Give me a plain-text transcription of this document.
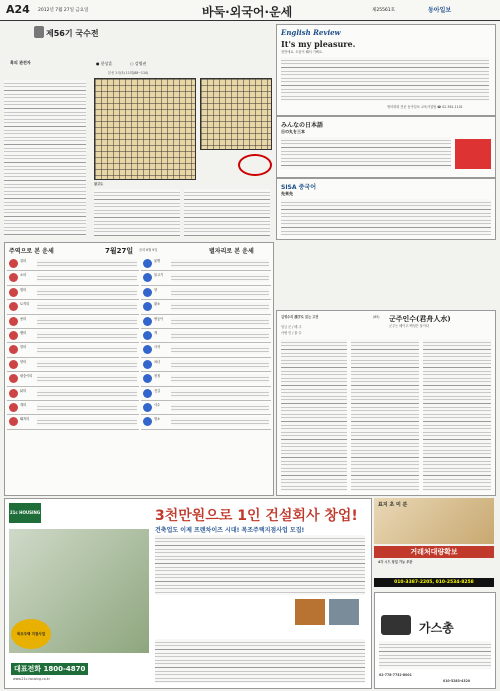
A24 2012년 7월 27일 금요일	바둑·외국어·운세	제25561호	동아일보
제56기 국수전
흑의 관전자	● 한상훈	○ 강병권
본선 1국(5) 11회(88~110)
참고도
English Review
It's my pleasure.
천만에요. 도움이 돼서 기뻐요.
영어회화 전문 동아일보 교육사업팀 ☎ 02-361-1101
みんなの日本語
日の丸を三本
SISA 중국어
先来先
주역으로 본 운세	7월27일 음력 6월 9일	별자리로 본 운세
쥐띠
소띠
범띠
토끼띠
용띠
뱀띠
말띠
양띠
원숭이띠
닭띠
개띠
돼지띠
물병
물고기
양
황소
쌍둥이
게
사자
처녀
천칭
전갈
사수
염소
김영수의 漢字로 읽는 고전	(85) 군주인수(君舟人水)
군주는 배이고 백성은 물이다
임금 군 / 배 주
사람 인 / 물 수
21c HOUSING	3천만원으로 1인 건설회사 창업!
건축업도 이제 프랜차이즈 시대! 목조주택지점사업 모집!
목조주택 지점사업
대표전화 1800-4870
www.21c-housing.co.kr
표지 초 미 분
거래처대량확보
4각 시드 창업 가능 무관
010-3387-2205, 010-2534-8258
가스총
02-778-7732-8001
010-5283-4320
